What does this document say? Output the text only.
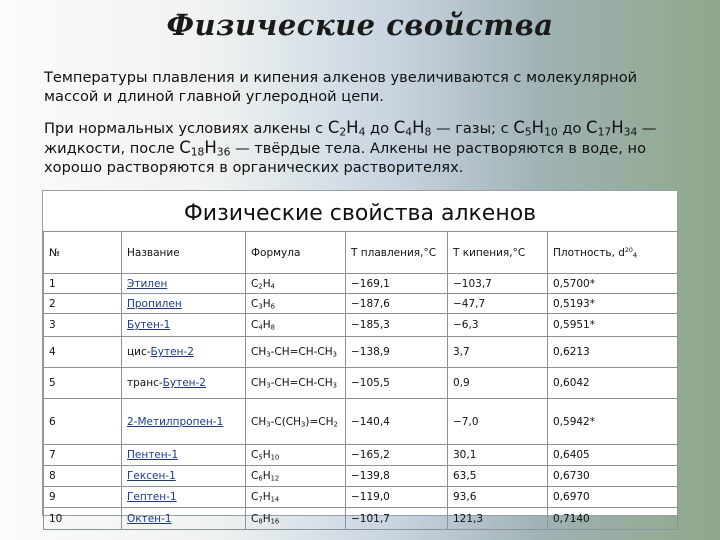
Физические свойства
Температуры плавления и кипения алкенов увеличиваются с молекулярной массой и длиной главной углеродной цепи.
При нормальных условиях алкены с $C_2H_4$ до $C_4H_8$ — газы; с $C_5H_{10}$ до $C_{17}H_{34}$ — жидкости, после $C_{18}H_{36}$ — твёрдые тела. Алкены не растворяются в воде, но хорошо растворяются в органических растворителях.
Физические свойства алкенов
№	Название	Формула	T плавления,°C	T кипения,°C	Плотность, $d^{20}_4$
1	Этилен	$C_2H_4$	−169,1	−103,7	0,5700*
2	Пропилен	$C_3H_6$	−187,6	−47,7	0,5193*
3	Бутен-1	$C_4H_8$	−185,3	−6,3	0,5951*
4	цис-Бутен-2	$CH_3-CH=CH-CH_3$	−138,9	3,7	0,6213
5	транс-Бутен-2	$CH_3-CH=CH-CH_3$	−105,5	0,9	0,6042
6	2-Метилпропен-1	$CH_3-C(CH_3)=CH_2$	−140,4	−7,0	0,5942*
7	Пентен-1	$C_5H_{10}$	−165,2	30,1	0,6405
8	Гексен-1	$C_6H_{12}$	−139,8	63,5	0,6730
9	Гептен-1	$C_7H_{14}$	−119,0	93,6	0,6970
10	Октен-1	$C_8H_{16}$	−101,7	121,3	0,7140
